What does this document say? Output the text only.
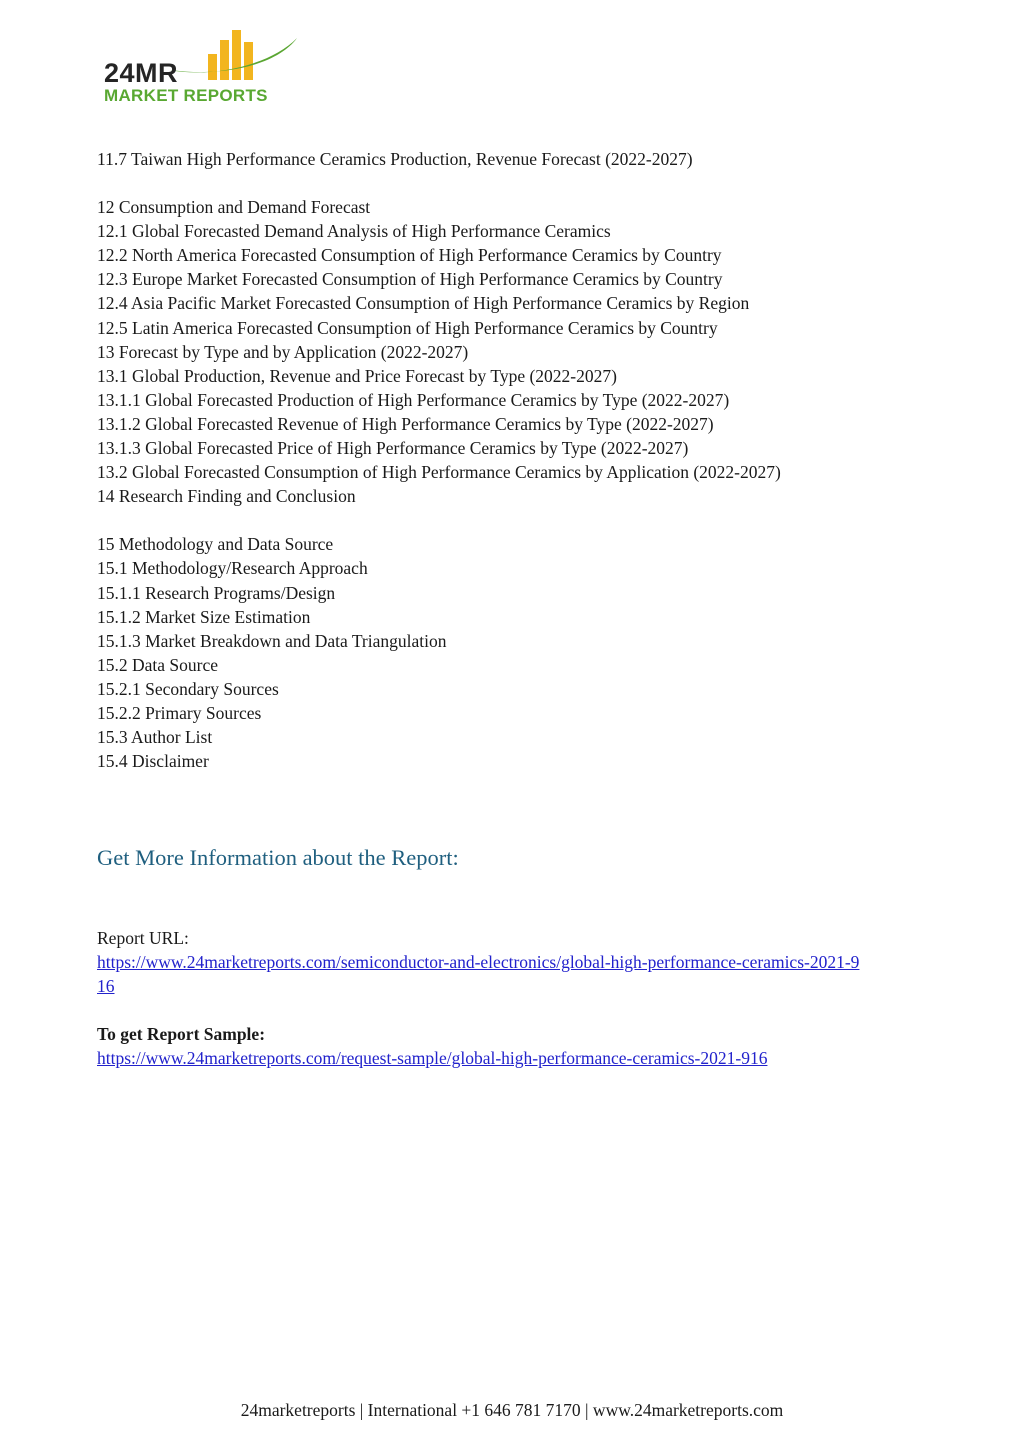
24MR
MARKET REPORTS
11.7 Taiwan High Performance Ceramics Production, Revenue Forecast (2022-2027)
12 Consumption and Demand Forecast
12.1 Global Forecasted Demand Analysis of High Performance Ceramics
12.2 North America Forecasted Consumption of High Performance Ceramics by Country
12.3 Europe Market Forecasted Consumption of High Performance Ceramics by Country
12.4 Asia Pacific Market Forecasted Consumption of High Performance Ceramics by Region
12.5 Latin America Forecasted Consumption of High Performance Ceramics by Country
13 Forecast by Type and by Application (2022-2027)
13.1 Global Production, Revenue and Price Forecast by Type (2022-2027)
13.1.1 Global Forecasted Production of High Performance Ceramics by Type (2022-2027)
13.1.2 Global Forecasted Revenue of High Performance Ceramics by Type (2022-2027)
13.1.3 Global Forecasted Price of High Performance Ceramics by Type (2022-2027)
13.2 Global Forecasted Consumption of High Performance Ceramics by Application (2022-2027)
14 Research Finding and Conclusion
15 Methodology and Data Source
15.1 Methodology/Research Approach
15.1.1 Research Programs/Design
15.1.2 Market Size Estimation
15.1.3 Market Breakdown and Data Triangulation
15.2 Data Source
15.2.1 Secondary Sources
15.2.2 Primary Sources
15.3 Author List
15.4 Disclaimer
Get More Information about the Report:
Report URL:
https://www.24marketreports.com/semiconductor-and-electronics/global-high-performance-ceramics-2021-9
16
To get Report Sample:
https://www.24marketreports.com/request-sample/global-high-performance-ceramics-2021-916
24marketreports | International +1 646 781 7170 | www.24marketreports.com
